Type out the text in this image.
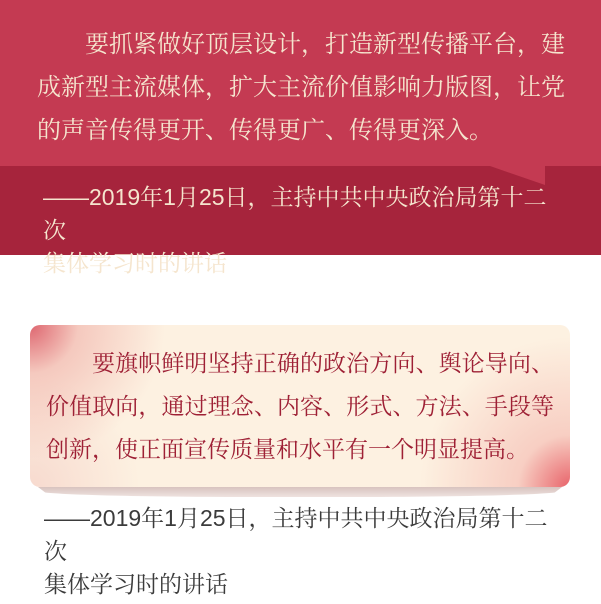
要抓紧做好顶层设计，打造新型传播平台，建成新型主流媒体，扩大主流价值影响力版图，让党的声音传得更开、传得更广、传得更深入。
——2019年1月25日，主持中共中央政治局第十二次
集体学习时的讲话
要旗帜鲜明坚持正确的政治方向、舆论导向、价值取向，通过理念、内容、形式、方法、手段等创新，使正面宣传质量和水平有一个明显提高。
——2019年1月25日，主持中共中央政治局第十二次
集体学习时的讲话
